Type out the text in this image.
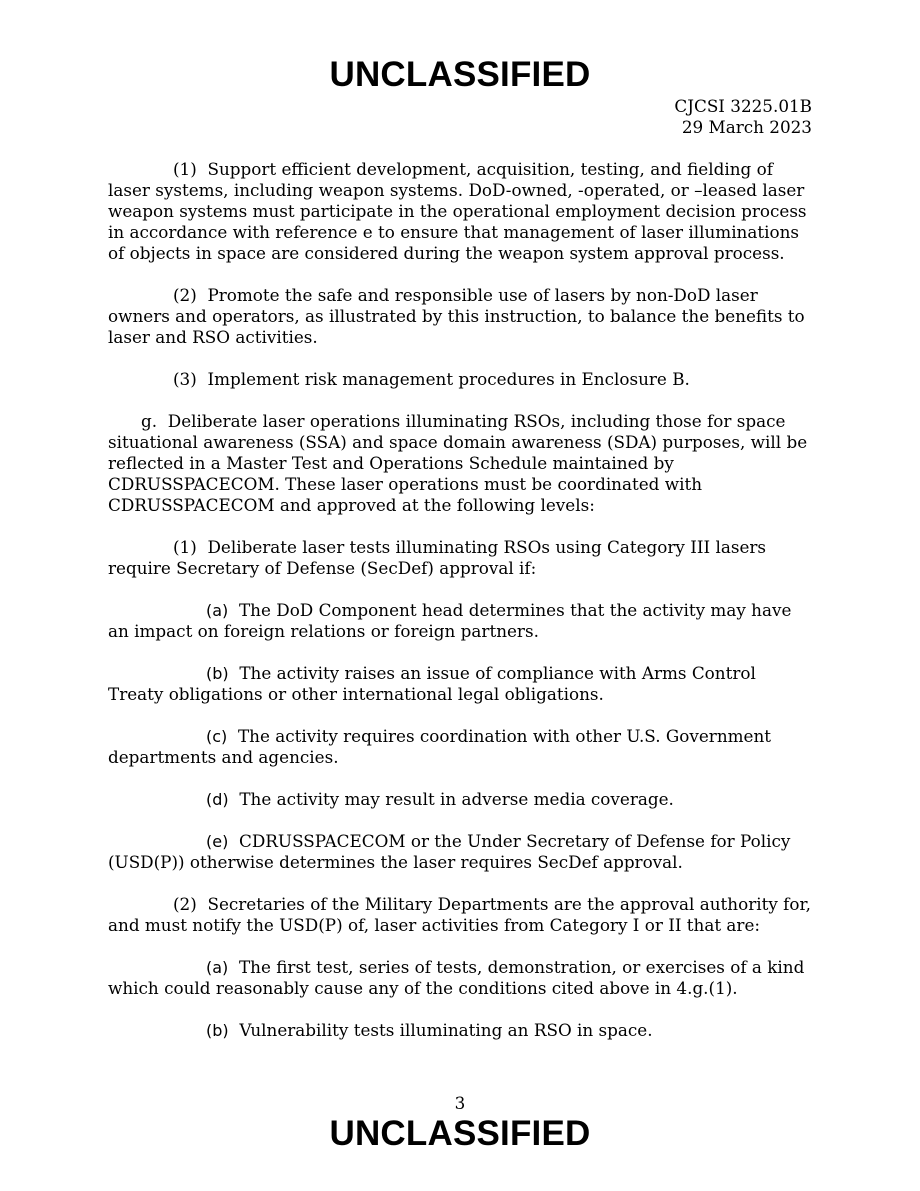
UNCLASSIFIED
CJCSI 3225.01B
29 March 2023

(1) Support efficient development, acquisition, testing, and fielding of laser systems, including weapon systems. DoD-owned, -operated, or –leased laser weapon systems must participate in the operational employment decision process in accordance with reference e to ensure that management of laser illuminations of objects in space are considered during the weapon system approval process.

(2) Promote the safe and responsible use of lasers by non-DoD laser owners and operators, as illustrated by this instruction, to balance the benefits to laser and RSO activities.

(3) Implement risk management procedures in Enclosure B.

g. Deliberate laser operations illuminating RSOs, including those for space situational awareness (SSA) and space domain awareness (SDA) purposes, will be reflected in a Master Test and Operations Schedule maintained by CDRUSSPACECOM. These laser operations must be coordinated with CDRUSSPACECOM and approved at the following levels:

(1) Deliberate laser tests illuminating RSOs using Category III lasers require Secretary of Defense (SecDef) approval if:

(a) The DoD Component head determines that the activity may have an impact on foreign relations or foreign partners.

(b) The activity raises an issue of compliance with Arms Control Treaty obligations or other international legal obligations.

(c) The activity requires coordination with other U.S. Government departments and agencies.

(d) The activity may result in adverse media coverage.

(e) CDRUSSPACECOM or the Under Secretary of Defense for Policy (USD(P)) otherwise determines the laser requires SecDef approval.

(2) Secretaries of the Military Departments are the approval authority for, and must notify the USD(P) of, laser activities from Category I or II that are:

(a) The first test, series of tests, demonstration, or exercises of a kind which could reasonably cause any of the conditions cited above in 4.g.(1).

(b) Vulnerability tests illuminating an RSO in space.

3
UNCLASSIFIED
